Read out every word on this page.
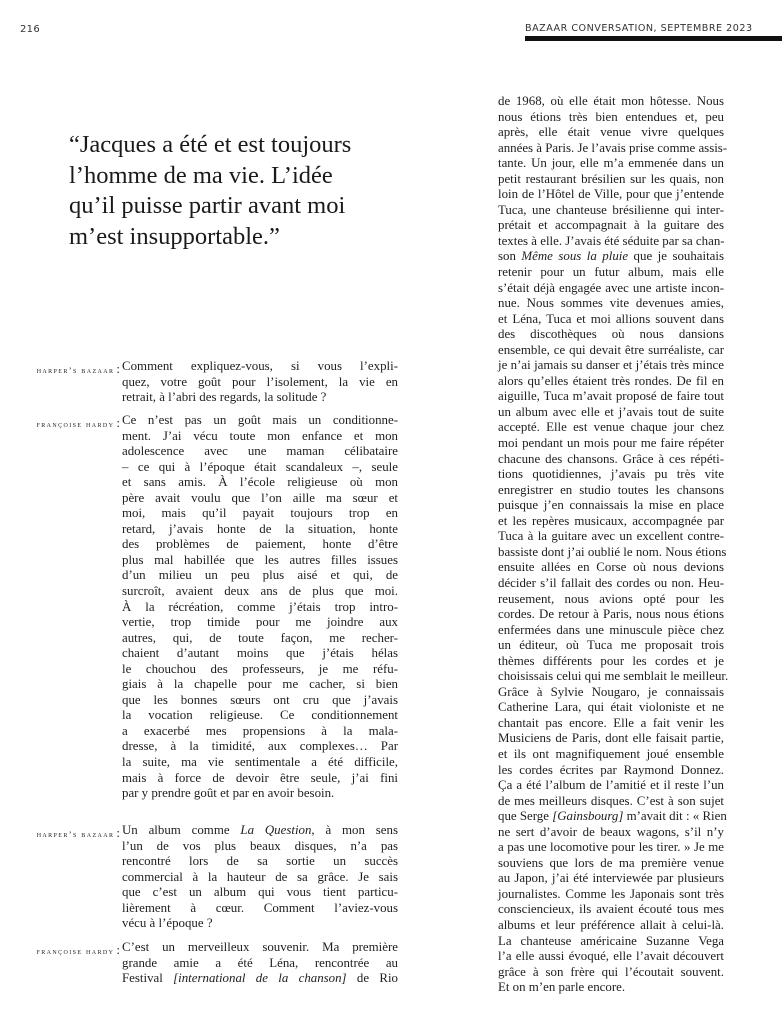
216	BAZAAR CONVERSATION, SEPTEMBRE 2023

“Jacques a été et est toujours

l’homme de ma vie. L’idée

qu’il puisse partir avant moi

m’est insupportable.”

harper’s bazaar : Comment expliquez-vous, si vous l’expli-
quez, votre goût pour l’isolement, la vie en
retrait, à l’abri des regards, la solitude ?
françoise hardy : Ce n’est pas un goût mais un conditionne-
ment. J’ai vécu toute mon enfance et mon
adolescence avec une maman célibataire
– ce qui à l’époque était scandaleux –, seule
et sans amis. À l’école religieuse où mon
père avait voulu que l’on aille ma sœur et
moi, mais qu’il payait toujours trop en
retard, j’avais honte de la situation, honte
des problèmes de paiement, honte d’être
plus mal habillée que les autres filles issues
d’un milieu un peu plus aisé et qui, de
surcroît, avaient deux ans de plus que moi.
À la récréation, comme j’étais trop intro-
vertie, trop timide pour me joindre aux
autres, qui, de toute façon, me recher-
chaient d’autant moins que j’étais hélas
le chouchou des professeurs, je me réfu-
giais à la chapelle pour me cacher, si bien
que les bonnes sœurs ont cru que j’avais
la vocation religieuse. Ce conditionnement
a exacerbé mes propensions à la mala-
dresse, à la timidité, aux complexes… Par
la suite, ma vie sentimentale a été difficile,
mais à force de devoir être seule, j’ai fini
par y prendre goût et par en avoir besoin.
harper’s bazaar : Un album comme La Question, à mon sens
l’un de vos plus beaux disques, n’a pas
rencontré lors de sa sortie un succès
commercial à la hauteur de sa grâce. Je sais
que c’est un album qui vous tient particu-
lièrement à cœur. Comment l’aviez-vous
vécu à l’époque ?
françoise hardy : C’est un merveilleux souvenir. Ma première
grande amie a été Léna, rencontrée au
Festival [international de la chanson] de Rio
de 1968, où elle était mon hôtesse. Nous
nous étions très bien entendues et, peu
après, elle était venue vivre quelques
années à Paris. Je l’avais prise comme assis-
tante. Un jour, elle m’a emmenée dans un
petit restaurant brésilien sur les quais, non
loin de l’Hôtel de Ville, pour que j’entende
Tuca, une chanteuse brésilienne qui inter-
prétait et accompagnait à la guitare des
textes à elle. J’avais été séduite par sa chan-
son Même sous la pluie que je souhaitais
retenir pour un futur album, mais elle
s’était déjà engagée avec une artiste incon-
nue. Nous sommes vite devenues amies,
et Léna, Tuca et moi allions souvent dans
des discothèques où nous dansions
ensemble, ce qui devait être surréaliste, car
je n’ai jamais su danser et j’étais très mince
alors qu’elles étaient très rondes. De fil en
aiguille, Tuca m’avait proposé de faire tout
un album avec elle et j’avais tout de suite
accepté. Elle est venue chaque jour chez
moi pendant un mois pour me faire répéter
chacune des chansons. Grâce à ces répéti-
tions quotidiennes, j’avais pu très vite
enregistrer en studio toutes les chansons
puisque j’en connaissais la mise en place
et les repères musicaux, accompagnée par
Tuca à la guitare avec un excellent contre-
bassiste dont j’ai oublié le nom. Nous étions
ensuite allées en Corse où nous devions
décider s’il fallait des cordes ou non. Heu-
reusement, nous avions opté pour les
cordes. De retour à Paris, nous nous étions
enfermées dans une minuscule pièce chez
un éditeur, où Tuca me proposait trois
thèmes différents pour les cordes et je
choisissais celui qui me semblait le meilleur.
Grâce à Sylvie Nougaro, je connaissais
Catherine Lara, qui était violoniste et ne
chantait pas encore. Elle a fait venir les
Musiciens de Paris, dont elle faisait partie,
et ils ont magnifiquement joué ensemble
les cordes écrites par Raymond Donnez.
Ça a été l’album de l’amitié et il reste l’un
de mes meilleurs disques. C’est à son sujet
que Serge [Gainsbourg] m’avait dit : « Rien
ne sert d’avoir de beaux wagons, s’il n’y
a pas une locomotive pour les tirer. » Je me
souviens que lors de ma première venue
au Japon, j’ai été interviewée par plusieurs
journalistes. Comme les Japonais sont très
consciencieux, ils avaient écouté tous mes
albums et leur préférence allait à celui-là.
La chanteuse américaine Suzanne Vega
l’a elle aussi évoqué, elle l’avait découvert
grâce à son frère qui l’écoutait souvent.
Et on m’en parle encore.
